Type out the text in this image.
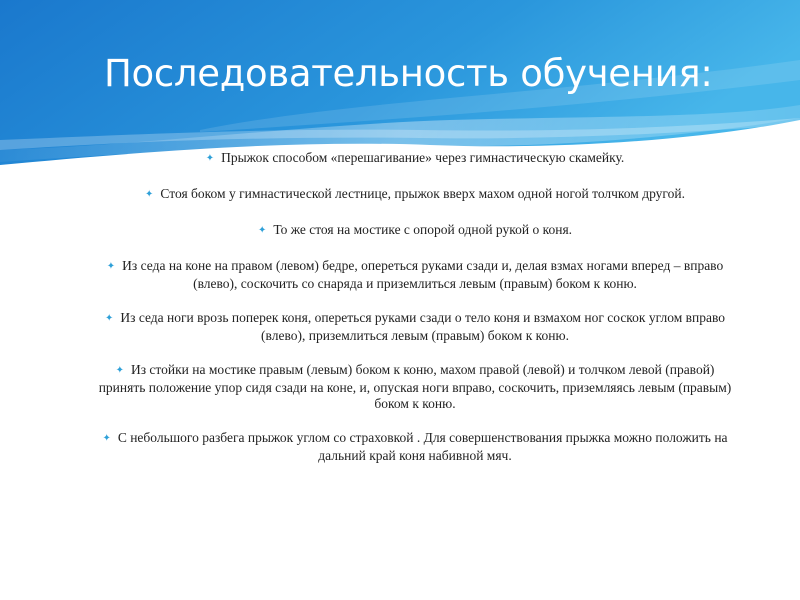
Последовательность обучения:
✦ Прыжок способом «перешагивание» через гимнастическую скамейку.
✦ Стоя боком у гимнастической лестнице, прыжок вверх махом одной ногой толчком другой.
✦ То же стоя на мостике с опорой одной рукой о коня.
✦ Из седа на коне на правом (левом) бедре, опереться руками сзади и, делая взмах ногами вперед – вправо (влево), соскочить со снаряда и приземлиться левым (правым) боком к коню.
✦ Из седа ноги врозь поперек коня, опереться руками сзади о тело коня и взмахом ног соскок углом вправо (влево), приземлиться левым (правым) боком к коню.
✦ Из стойки на мостике правым (левым) боком к коню, махом правой (левой) и толчком левой (правой) принять положение упор сидя сзади на коне, и, опуская ноги вправо, соскочить, приземляясь левым (правым) боком к коню.
✦ С небольшого разбега прыжок углом со страховкой . Для совершенствования прыжка можно положить на дальний край коня набивной мяч.
